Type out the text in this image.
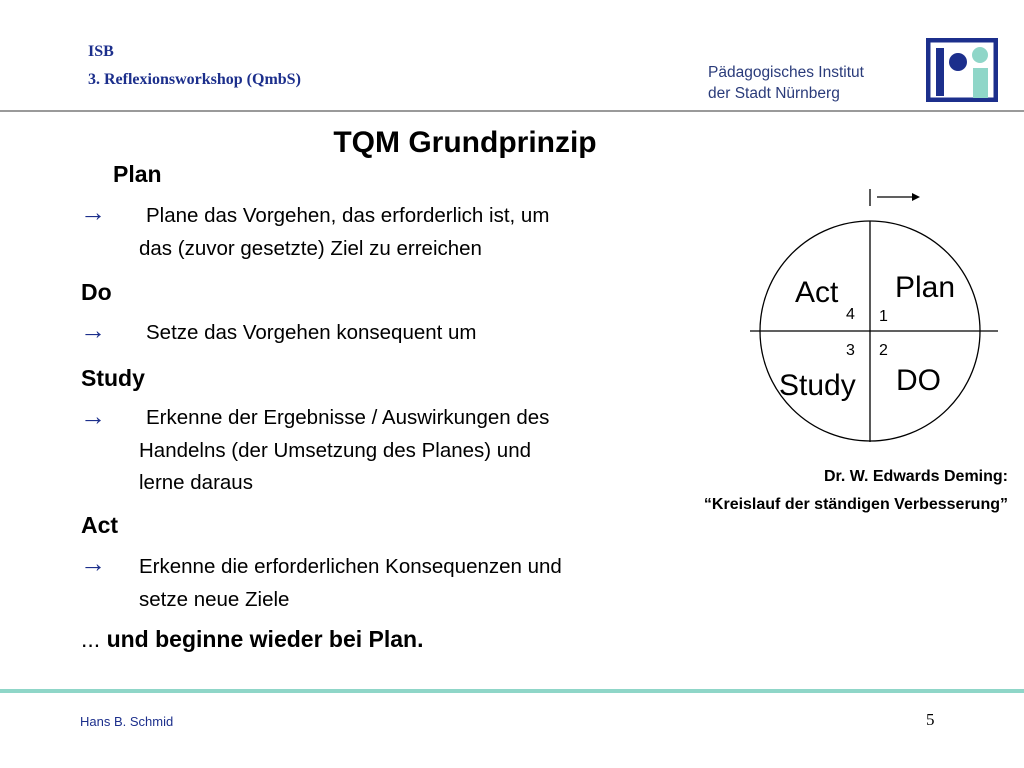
ISB
3. Reflexionsworkshop (QmbS)	Pädagogisches Institut
der Stadt Nürnberg
TQM Grundprinzip
Plan
→ Plane das Vorgehen, das erforderlich ist, um
das (zuvor gesetzte) Ziel zu erreichen
Do
→ Setze das Vorgehen konsequent um
Study
→ Erkenne der Ergebnisse / Auswirkungen des
Handelns (der Umsetzung des Planes) und
lerne daraus
Act
→ Erkenne die erforderlichen Konsequenzen und
setze neue Ziele
... und beginne wieder bei Plan.
Plan
Act
DO
Study
1
4
2
3
Dr. W. Edwards Deming:
“Kreislauf der ständigen Verbesserung”
Hans B. Schmid	5
